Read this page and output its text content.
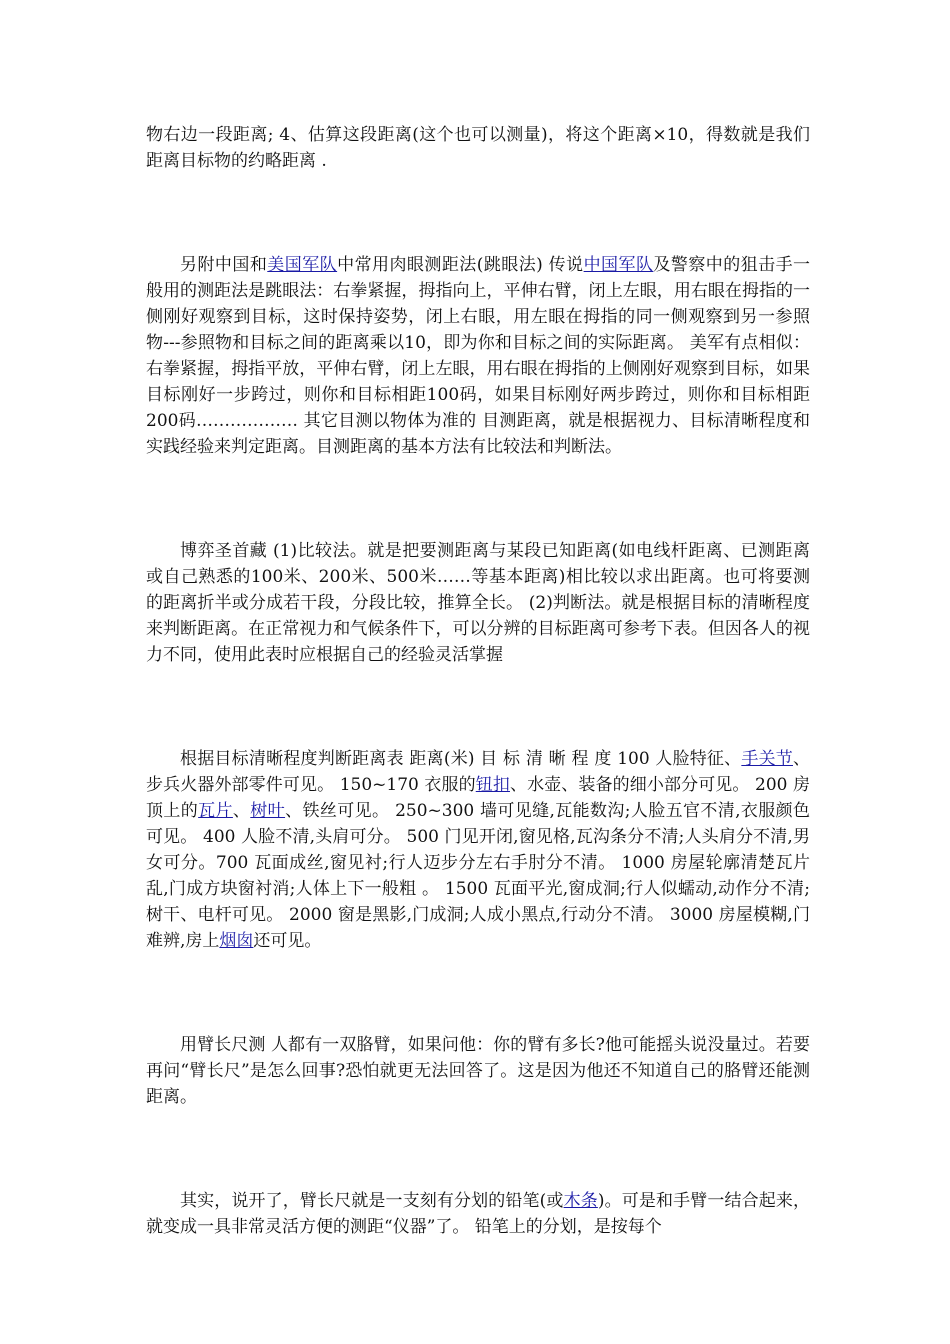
物右边一段距离; 4、估算这段距离(这个也可以测量)，将这个距离×10，得数就是我们距离目标物的约略距离 .

另附中国和美国军队中常用肉眼测距法(跳眼法) 传说中国军队及警察中的狙击手一般用的测距法是跳眼法：右拳紧握，拇指向上，平伸右臂，闭上左眼，用右眼在拇指的一侧刚好观察到目标，这时保持姿势，闭上右眼，用左眼在拇指的同一侧观察到另一参照物---参照物和目标之间的距离乘以10，即为你和目标之间的实际距离。 美军有点相似：右拳紧握，拇指平放，平伸右臂，闭上左眼，用右眼在拇指的上侧刚好观察到目标，如果目标刚好一步跨过，则你和目标相距100码，如果目标刚好两步跨过，则你和目标相距200码……………… 其它目测以物体为准的 目测距离，就是根据视力、目标清晰程度和实践经验来判定距离。目测距离的基本方法有比较法和判断法。

博弈圣首藏 (1)比较法。就是把要测距离与某段已知距离(如电线杆距离、已测距离或自己熟悉的100米、200米、500米……等基本距离)相比较以求出距离。也可将要测的距离折半或分成若干段，分段比较，推算全长。 (2)判断法。就是根据目标的清晰程度来判断距离。在正常视力和气候条件下，可以分辨的目标距离可参考下表。但因各人的视力不同，使用此表时应根据自己的经验灵活掌握

根据目标清晰程度判断距离表 距离(米) 目 标 清 晰 程 度 100 人脸特征、手关节、步兵火器外部零件可见。 150~170 衣服的钮扣、水壶、装备的细小部分可见。 200 房顶上的瓦片、树叶、铁丝可见。 250~300 墙可见缝,瓦能数沟;人脸五官不清,衣服颜色可见。 400 人脸不清,头肩可分。 500 门见开闭,窗见格,瓦沟条分不清;人头肩分不清,男女可分。700 瓦面成丝,窗见衬;行人迈步分左右手肘分不清。 1000 房屋轮廓清楚瓦片乱,门成方块窗衬消;人体上下一般粗 。 1500 瓦面平光,窗成洞;行人似蠕动,动作分不清;树干、电杆可见。 2000 窗是黑影,门成洞;人成小黑点,行动分不清。 3000 房屋模糊,门难辨,房上烟囱还可见。

用臂长尺测 人都有一双胳臂，如果问他：你的臂有多长?他可能摇头说没量过。若要再问“臂长尺”是怎么回事?恐怕就更无法回答了。这是因为他还不知道自己的胳臂还能测距离。

其实，说开了，臂长尺就是一支刻有分划的铅笔(或木条)。可是和手臂一结合起来，就变成一具非常灵活方便的测距“仪器”了。 铅笔上的分划，是按每个
